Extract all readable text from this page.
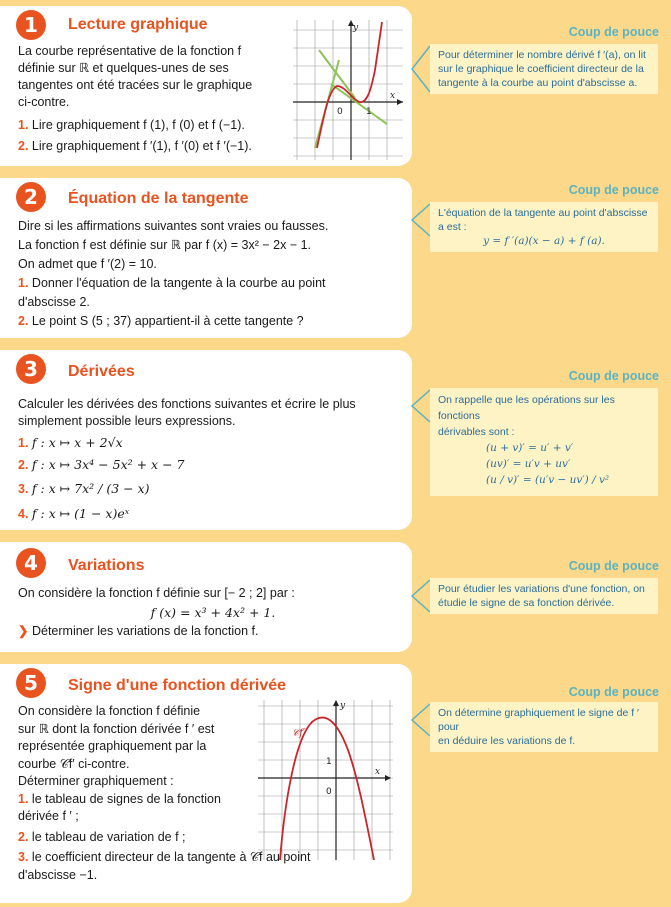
1	Lecture graphique

La courbe représentative de la fonction f

définie sur ℝ et quelques-unes de ses

tangentes ont été tracées sur le graphique

ci-contre.

1. Lire graphiquement f (1), f (0) et f (−1).

2. Lire graphiquement f ′(1), f ′(0) et f ′(−1).

y
x
0	1
Coup de pouce

Pour déterminer le nombre dérivé f ′(a), on lit

sur le graphique le coefficient directeur de la

tangente à la courbe au point d'abscisse a.

2	Équation de la tangente

Dire si les affirmations suivantes sont vraies ou fausses.

La fonction f est définie sur ℝ par f (x) = 3x² − 2x − 1.

On admet que f ′(2) = 10.

1. Donner l'équation de la tangente à la courbe au point

d'abscisse 2.

2. Le point S (5 ; 37) appartient-il à cette tangente ?

Coup de pouce

L'équation de la tangente au point d'abscisse a est :

y = f ′(a)(x − a) + f (a).

3	Dérivées

Calculer les dérivées des fonctions suivantes et écrire le plus

simplement possible leurs expressions.

1. f : x ↦ x + 2√x

2. f : x ↦ 3x⁴ − 5x² + x − 7

3. f : x ↦ 7x² / (3 − x)

4. f : x ↦ (1 − x)eˣ

Coup de pouce

On rappelle que les opérations sur les fonctions

dérivables sont :

(u + v)′ = u′ + v′

(uv)′ = u′v + uv′

(u / v)′ = (u′v − uv′) / v²

4	Variations

On considère la fonction f définie sur [− 2 ; 2] par :

f (x) = x³ + 4x² + 1.

❯ Déterminer les variations de la fonction f.

Coup de pouce

Pour étudier les variations d'une fonction, on

étudie le signe de sa fonction dérivée.

5	Signe d'une fonction dérivée

On considère la fonction f définie

sur ℝ dont la fonction dérivée f ′ est

représentée graphiquement par la

courbe 𝒞f′ ci-contre.

Déterminer graphiquement :

1. le tableau de signes de la fonction

dérivée f ′ ;

2. le tableau de variation de f ;

3. le coefficient directeur de la tangente à 𝒞f au point

d'abscisse −1.

𝒞f′
y
x
1
0
Coup de pouce

On détermine graphiquement le signe de f ′ pour

en déduire les variations de f.
